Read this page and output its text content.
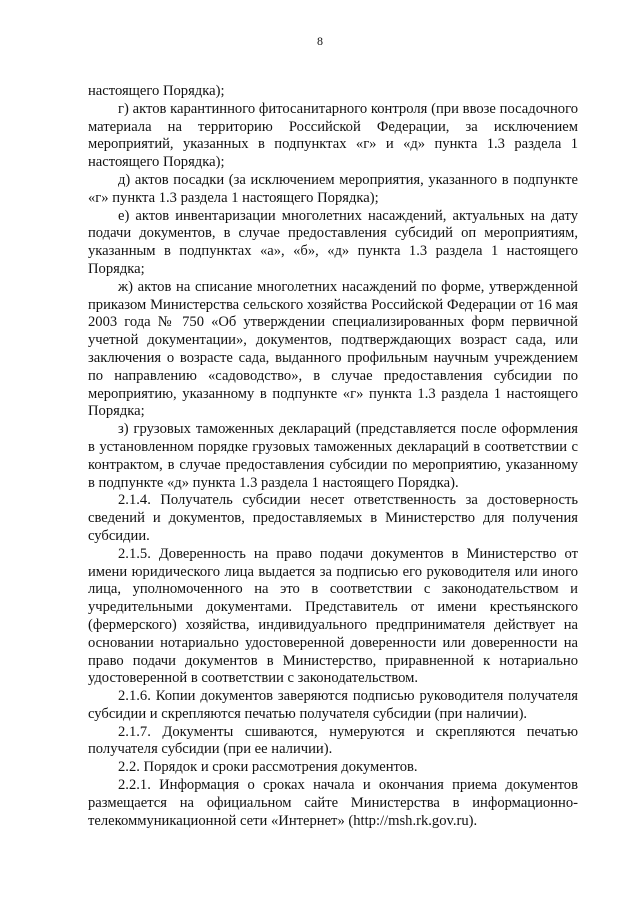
8

настоящего Порядка);

г) актов карантинного фитосанитарного контроля (при ввозе посадочного материала на территорию Российской Федерации, за исключением мероприятий, указанных в подпунктах «г» и «д» пункта 1.3 раздела 1 настоящего Порядка);

д) актов посадки (за исключением мероприятия, указанного в подпункте «г» пункта 1.3 раздела 1 настоящего Порядка);

е) актов инвентаризации многолетних насаждений, актуальных на дату подачи документов, в случае предоставления субсидий оп мероприятиям, указанным в подпунктах «а», «б», «д» пункта 1.3 раздела 1 настоящего Порядка;

ж) актов на списание многолетних насаждений по форме, утвержденной приказом Министерства сельского хозяйства Российской Федерации от 16 мая 2003 года № 750 «Об утверждении специализированных форм первичной учетной документации», документов, подтверждающих возраст сада, или заключения о возрасте сада, выданного профильным научным учреждением по направлению «садоводство», в случае предоставления субсидии по мероприятию, указанному в подпункте «г» пункта 1.3 раздела 1 настоящего Порядка;

з) грузовых таможенных деклараций (представляется после оформления в установленном порядке грузовых таможенных деклараций в соответствии с контрактом, в случае предоставления субсидии по мероприятию, указанному в подпункте «д» пункта 1.3 раздела 1 настоящего Порядка).

2.1.4. Получатель субсидии несет ответственность за достоверность сведений и документов, предоставляемых в Министерство для получения субсидии.

2.1.5. Доверенность на право подачи документов в Министерство от имени юридического лица выдается за подписью его руководителя или иного лица, уполномоченного на это в соответствии с законодательством и учредительными документами. Представитель от имени крестьянского (фермерского) хозяйства, индивидуального предпринимателя действует на основании нотариально удостоверенной доверенности или доверенности на право подачи документов в Министерство, приравненной к нотариально удостоверенной в соответствии с законодательством.

2.1.6. Копии документов заверяются подписью руководителя получателя субсидии и скрепляются печатью получателя субсидии (при наличии).

2.1.7. Документы сшиваются, нумеруются и скрепляются печатью получателя субсидии (при ее наличии).

2.2. Порядок и сроки рассмотрения документов.

2.2.1. Информация о сроках начала и окончания приема документов размещается на официальном сайте Министерства в информационно-телекоммуникационной сети «Интернет» (http://msh.rk.gov.ru).
